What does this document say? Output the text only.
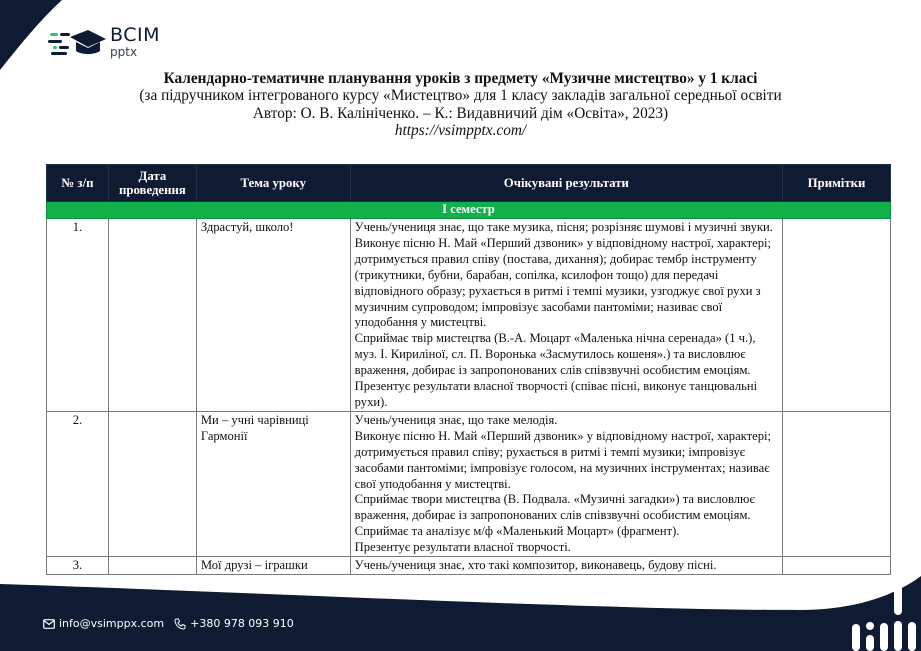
BCIM
pptx
Календарно-тематичне планування уроків з предмету «Музичне мистецтво» у 1 класі
(за підручником інтегрованого курсу «Мистецтво» для 1 класу закладів загальної середньої освіти
Автор: О. В. Калініченко. – К.: Видавничий дім «Освіта», 2023)
https://vsimpptx.com/
№ з/п	Дата проведення	Тема уроку	Очікувані результати	Примітки
І семестр				
1.		Здрастуй, школо!	Учень/учениця знає, що таке музика, пісня; розрізняє шумові і музичні звуки.
Виконує пісню Н. Май «Перший дзвоник» у відповідному настрої, характері; дотримується правил співу (постава, дихання); добирає тембр інструменту (трикутники, бубни, барабан, сопілка, ксилофон тощо) для передачі відповідного образу; рухається в ритмі і темпі музики, узгоджує свої рухи з музичним супроводом; імпровізує засобами пантоміми; називає свої уподобання у мистецтві.
Сприймає твір мистецтва (В.-А. Моцарт «Маленька нічна серенада» (1 ч.), муз. І. Кириліної, сл. П. Воронька «Засмутилось кошеня».) та висловлює враження, добирає із запропонованих слів співзвучні особистим емоціям.
Презентує результати власної творчості (співає пісні, виконує танцювальні рухи).	

2.		Ми – учні чарівниці Гармонії	Учень/учениця знає, що таке мелодія.
Виконує пісню Н. Май «Перший дзвоник» у відповідному настрої, характері; дотримується правил співу; рухається в ритмі і темпі музики; імпровізує засобами пантоміми; імпровізує голосом, на музичних інструментах; називає свої уподобання у мистецтві.
Сприймає твори мистецтва (В. Подвала. «Музичні загадки») та висловлює враження, добирає із запропонованих слів співзвучні особистим емоціям.
Сприймає та аналізує м/ф «Маленький Моцарт» (фрагмент).
Презентує результати власної творчості.	

3.		Мої друзі – іграшки	Учень/учениця знає, хто такі композитор, виконавець, будову пісні.	

info@vsimppx.com +380 978 093 910
